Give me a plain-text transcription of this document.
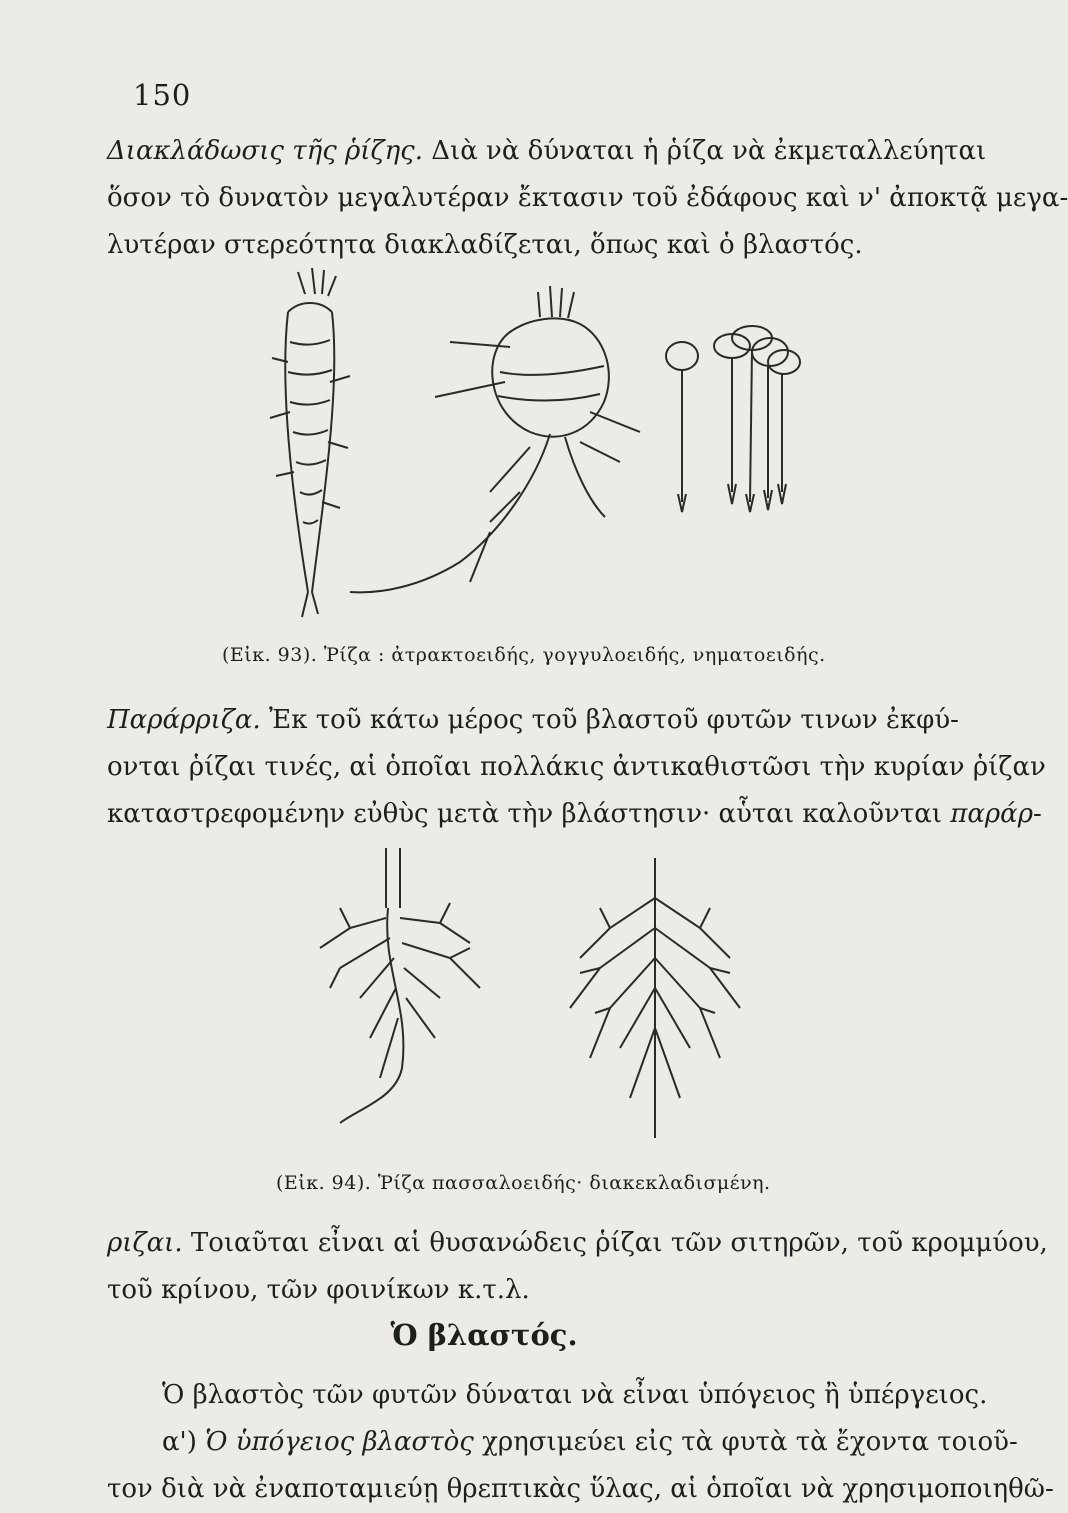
150
Διακλάδωσις τῆς ῥίζης. Διὰ νὰ δύναται ἡ ῥίζα νὰ ἐκμεταλλεύηται
ὅσον τὸ δυνατὸν μεγαλυτέραν ἔκτασιν τοῦ ἐδάφους καὶ ν' ἀποκτᾷ μεγα-
λυτέραν στερεότητα διακλαδίζεται, ὅπως καὶ ὁ βλαστός.
(Εἰκ. 93). Ῥίζα : ἀτρακτοειδής, γογγυλοειδής, νηματοειδής.
Παράρριζα. Ἐκ τοῦ κάτω μέρος τοῦ βλαστοῦ φυτῶν τινων ἐκφύ-
ονται ῥίζαι τινές, αἱ ὁποῖαι πολλάκις ἀντικαθιστῶσι τὴν κυρίαν ῥίζαν
καταστρεφομένην εὐθὺς μετὰ τὴν βλάστησιν· αὗται καλοῦνται παράρ-
(Εἰκ. 94). Ῥίζα πασσαλοειδής· διακεκλαδισμένη.
ριζαι. Τοιαῦται εἶναι αἱ θυσανώδεις ῥίζαι τῶν σιτηρῶν, τοῦ κρομμύου,
τοῦ κρίνου, τῶν φοινίκων κ.τ.λ.
Ὁ βλαστός.
Ὁ βλαστὸς τῶν φυτῶν δύναται νὰ εἶναι ὑπόγειος ἢ ὑπέργειος.
α') Ὁ ὑπόγειος βλαστὸς χρησιμεύει εἰς τὰ φυτὰ τὰ ἔχοντα τοιοῦ-
τον διὰ νὰ ἐναποταμιεύῃ θρεπτικὰς ὕλας, αἱ ὁποῖαι νὰ χρησιμοποιηθῶ-
